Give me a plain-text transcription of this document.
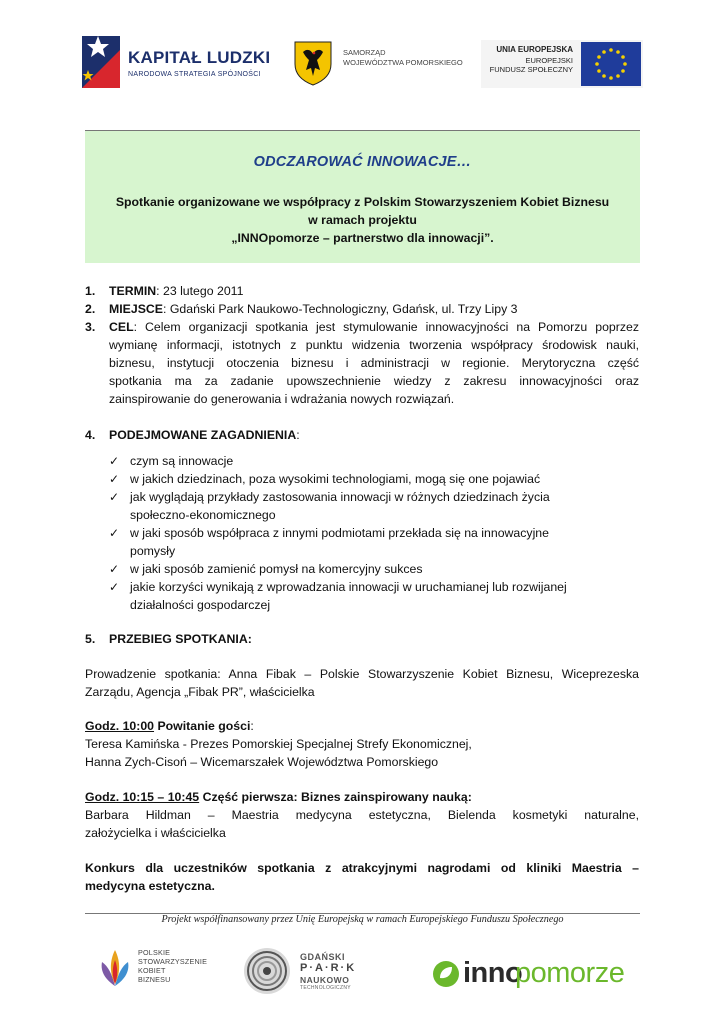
KAPITAŁ LUDZKI
NARODOWA STRATEGIA SPÓJNOŚCI
SAMORZĄD
WOJEWÓDZTWA POMORSKIEGO
UNIA EUROPEJSKA
EUROPEJSKI
FUNDUSZ SPOŁECZNY
ODCZAROWAĆ INNOWACJE…
Spotkanie organizowane we współpracy z Polskim Stowarzyszeniem Kobiet Biznesu
w ramach projektu
„INNOpomorze – partnerstwo dla innowacji”.
1.	TERMIN: 23 lutego 2011
2.	MIEJSCE: Gdański Park Naukowo-Technologiczny, Gdańsk, ul. Trzy Lipy 3
3.	CEL: Celem organizacji spotkania jest stymulowanie innowacyjności na Pomorzu poprzez
wymianę informacji, istotnych z punktu widzenia tworzenia współpracy środowisk nauki,
biznesu, instytucji otoczenia biznesu i administracji w regionie. Merytoryczna część
spotkania ma za zadanie upowszechnienie wiedzy z zakresu innowacyjności oraz
zainspirowanie do generowania i wdrażania nowych rozwiązań.
4.	PODEJMOWANE ZAGADNIENIA:
✓ czym są innowacje
✓ w jakich dziedzinach, poza wysokimi technologiami, mogą się one pojawiać
✓ jak wyglądają przykłady zastosowania innowacji w różnych dziedzinach życia
społeczno-ekonomicznego
✓ w jaki sposób współpraca z innymi podmiotami przekłada się na innowacyjne
pomysły
✓ w jaki sposób zamienić pomysł na komercyjny sukces
✓ jakie korzyści wynikają z wprowadzania innowacji w uruchamianej lub rozwijanej
działalności gospodarczej
5.	PRZEBIEG SPOTKANIA:
Prowadzenie spotkania: Anna Fibak – Polskie Stowarzyszenie Kobiet Biznesu, Wiceprezeska
Zarządu, Agencja „Fibak PR”, właścicielka
Godz. 10:00 Powitanie gości:
Teresa Kamińska - Prezes Pomorskiej Specjalnej Strefy Ekonomicznej,
Hanna Zych-Cisoń – Wicemarszałek Województwa Pomorskiego
Godz. 10:15 – 10:45 Część pierwsza: Biznes zainspirowany nauką:
Barbara Hildman – Maestria medycyna estetyczna, Bielenda kosmetyki naturalne,
założycielka i właścicielka
Konkurs dla uczestników spotkania z atrakcyjnymi nagrodami od kliniki Maestria –
medycyna estetyczna.
Projekt współfinansowany przez Unię Europejską w ramach Europejskiego Funduszu Społecznego
POLSKIE
STOWARZYSZENIE
KOBIET
BIZNESU
GDAŃSKI
P·A·R·K
NAUKOWO
TECHNOLOGICZNY	inno
pomorze
